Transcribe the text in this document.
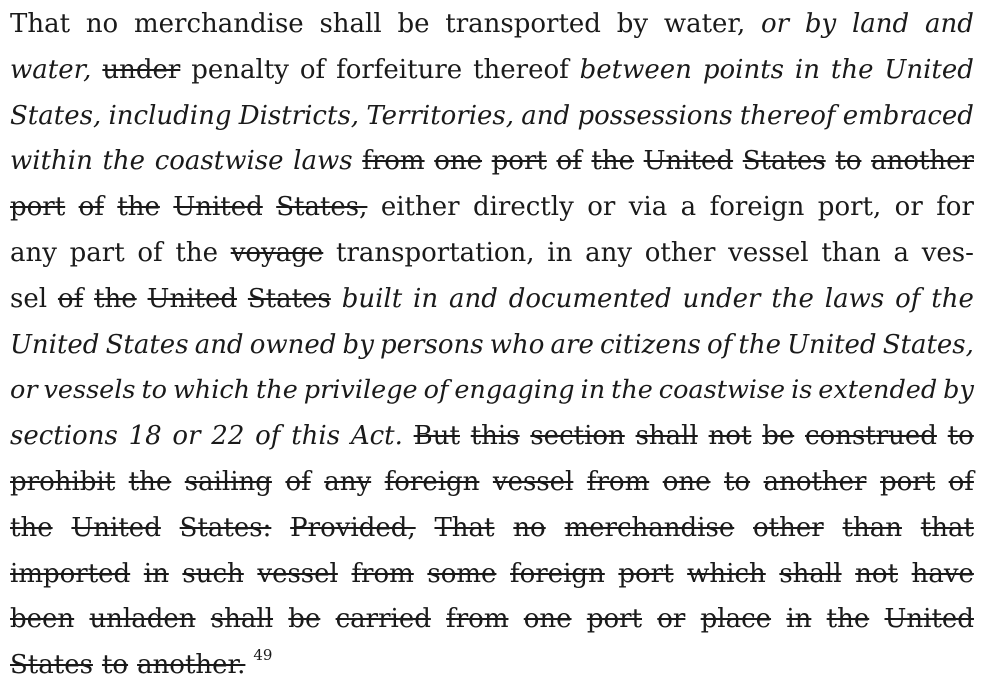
That no merchandise shall be transported by water, or by land and
water, under penalty of forfeiture thereof between points in the United
States, including Districts, Territories, and possessions thereof embraced
within the coastwise laws from one port of the United States to another
port of the United States, either directly or via a foreign port, or for
any part of the voyage transportation, in any other vessel than a ves-
sel of the United States built in and documented under the laws of the
United States and owned by persons who are citizens of the United States,
or vessels to which the privilege of engaging in the coastwise is extended by
sections 18 or 22 of this Act. But this section shall not be construed to
prohibit the sailing of any foreign vessel from one to another port of
the United States: Provided, That no merchandise other than that
imported in such vessel from some foreign port which shall not have
been unladen shall be carried from one port or place in the United
States to another. 49
